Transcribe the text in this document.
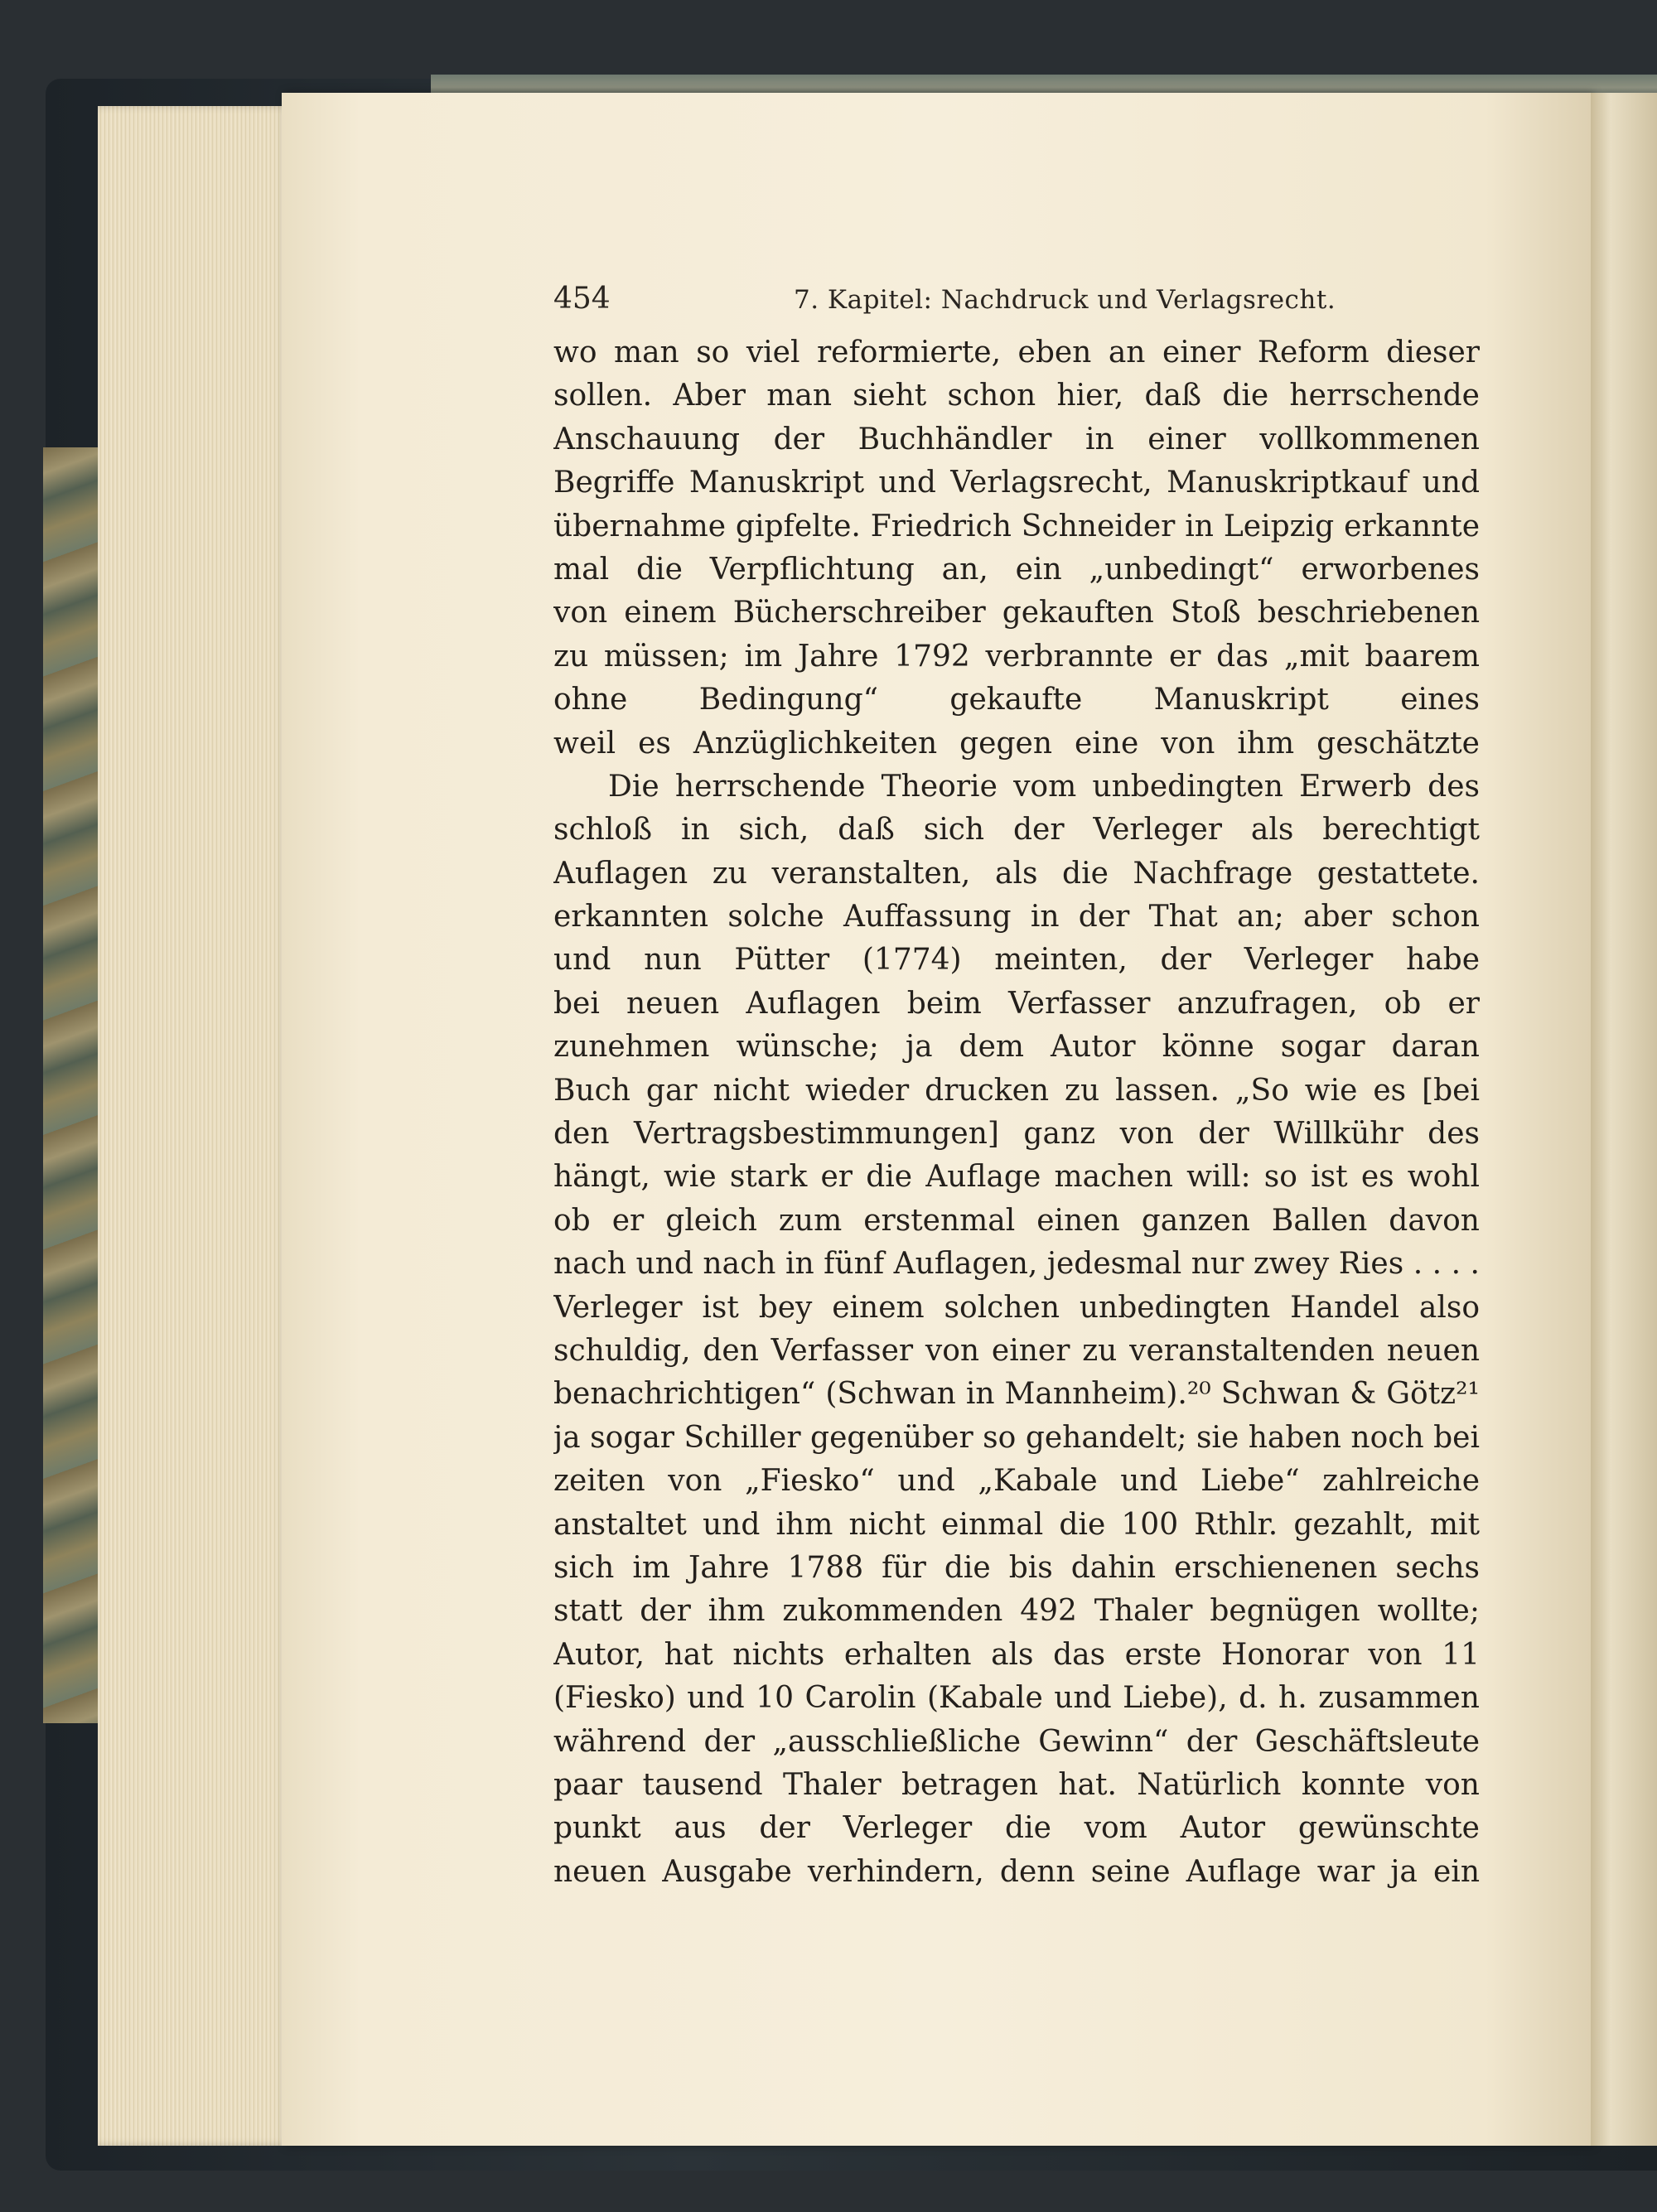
454	7. Kapitel: Nachdruck und Verlagsrecht.
wo man so viel reformierte, eben an einer Reform dieser
sollen. Aber man sieht schon hier, daß die herrschende
Anschauung der Buchhändler in einer vollkommenen
Begriffe Manuskript und Verlagsrecht, Manuskriptkauf und
übernahme gipfelte. Friedrich Schneider in Leipzig erkannte
mal die Verpflichtung an, ein „unbedingt“ erworbenes
von einem Bücherschreiber gekauften Stoß beschriebenen
zu müssen; im Jahre 1792 verbrannte er das „mit baarem
ohne Bedingung“ gekaufte Manuskript eines
weil es Anzüglichkeiten gegen eine von ihm geschätzte
Die herrschende Theorie vom unbedingten Erwerb des
schloß in sich, daß sich der Verleger als berechtigt
Auflagen zu veranstalten, als die Nachfrage gestattete.
erkannten solche Auffassung in der That an; aber schon
und nun Pütter (1774) meinten, der Verleger habe
bei neuen Auflagen beim Verfasser anzufragen, ob er
zunehmen wünsche; ja dem Autor könne sogar daran
Buch gar nicht wieder drucken zu lassen. „So wie es [bei
den Vertragsbestimmungen] ganz von der Willkühr des
hängt, wie stark er die Auflage machen will: so ist es wohl
ob er gleich zum erstenmal einen ganzen Ballen davon
nach und nach in fünf Auflagen, jedesmal nur zwey Ries . . . .
Verleger ist bey einem solchen unbedingten Handel also
schuldig, den Verfasser von einer zu veranstaltenden neuen
benachrichtigen“ (Schwan in Mannheim).²⁰ Schwan & Götz²¹
ja sogar Schiller gegenüber so gehandelt; sie haben noch bei
zeiten von „Fiesko“ und „Kabale und Liebe“ zahlreiche
anstaltet und ihm nicht einmal die 100 Rthlr. gezahlt, mit
sich im Jahre 1788 für die bis dahin erschienenen sechs
statt der ihm zukommenden 492 Thaler begnügen wollte;
Autor, hat nichts erhalten als das erste Honorar von 11
(Fiesko) und 10 Carolin (Kabale und Liebe), d. h. zusammen
während der „ausschließliche Gewinn“ der Geschäftsleute
paar tausend Thaler betragen hat. Natürlich konnte von
punkt aus der Verleger die vom Autor gewünschte
neuen Ausgabe verhindern, denn seine Auflage war ja ein
